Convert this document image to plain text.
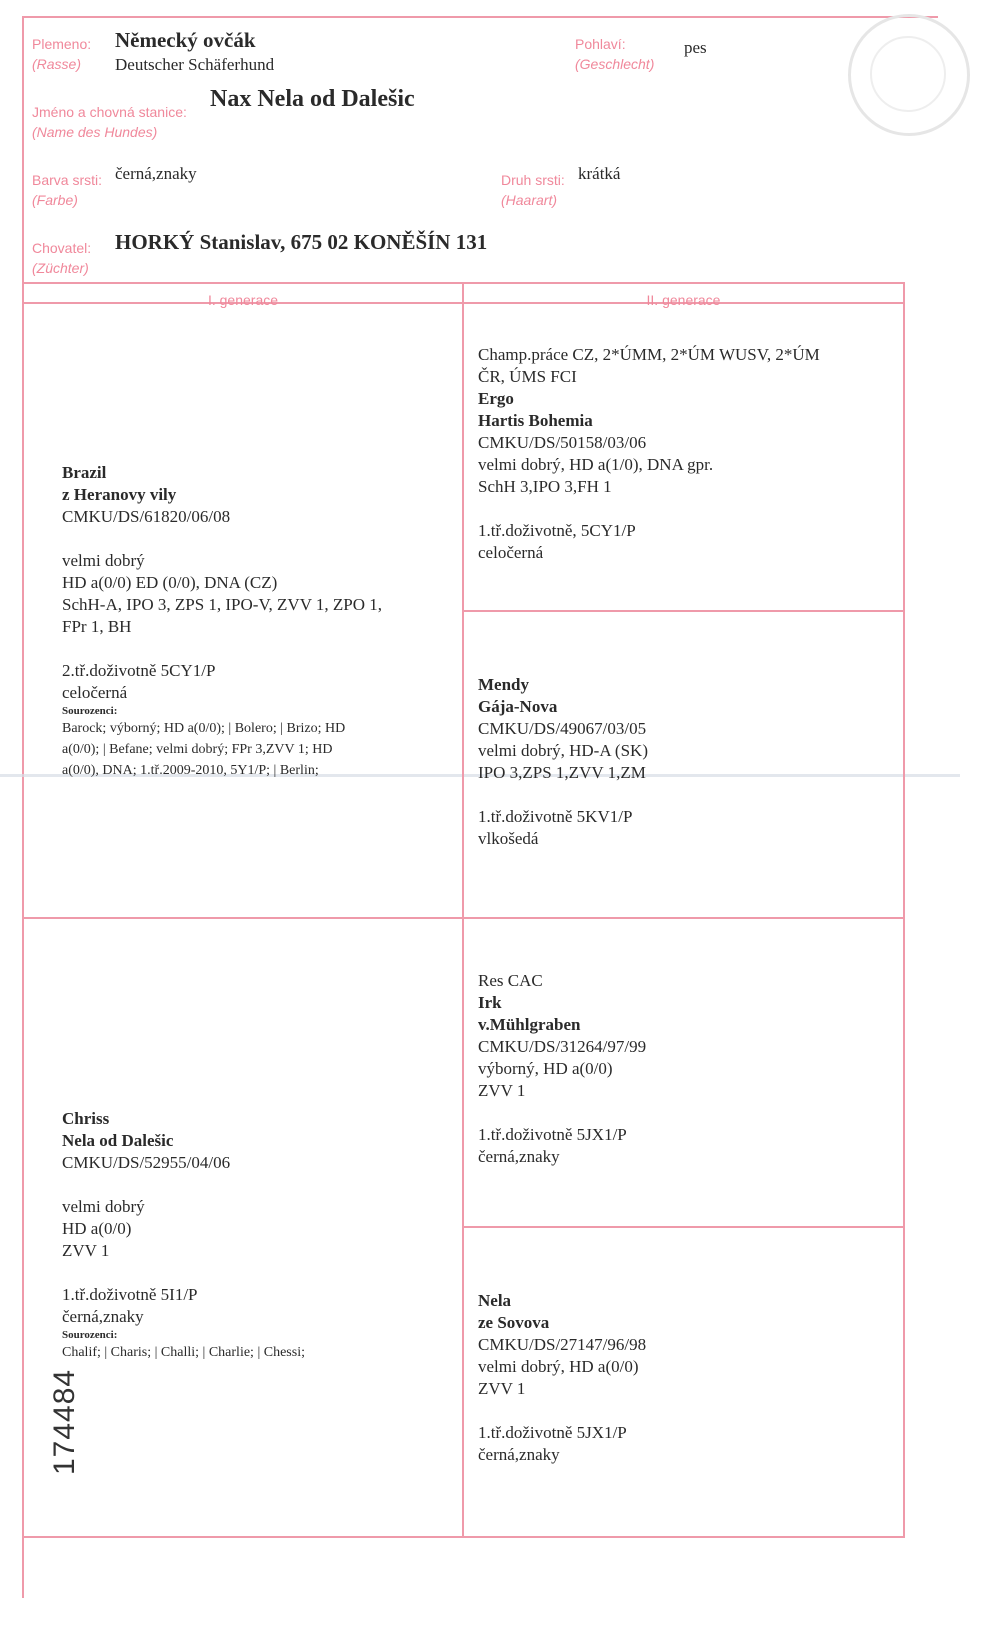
Plemeno:
(Rasse)
Německý ovčák
Deutscher Schäferhund
Pohlaví:
(Geschlecht)
pes
Jméno a chovná stanice:
(Name des Hundes)
Nax Nela od Dalešic
Barva srsti:
(Farbe)
černá,znaky	Druh srsti:
(Haarart)
krátká
Chovatel:
(Züchter)
HORKÝ Stanislav, 675 02 KONĚŠÍN 131
I. generace	II. generace

Brazil

z Heranovy vily

CMKU/DS/61820/06/08

velmi dobrý

HD a(0/0) ED (0/0), DNA (CZ)

SchH-A, IPO 3, ZPS 1, IPO-V, ZVV 1, ZPO 1,

FPr 1, BH

2.tř.doživotně 5CY1/P

celočerná

Sourozenci:

Barock; výborný; HD a(0/0); | Bolero; | Brizo; HD

a(0/0); | Befane; velmi dobrý; FPr 3,ZVV 1; HD

a(0/0), DNA; 1.tř.2009-2010, 5Y1/P; | Berlin;

Chriss

Nela od Dalešic

CMKU/DS/52955/04/06

velmi dobrý

HD a(0/0)

ZVV 1

1.tř.doživotně 5I1/P

černá,znaky

Sourozenci:

Chalif; | Charis; | Challi; | Charlie; | Chessi;

Champ.práce CZ, 2*ÚMM, 2*ÚM WUSV, 2*ÚM

ČR, ÚMS FCI

Ergo

Hartis Bohemia

CMKU/DS/50158/03/06

velmi dobrý, HD a(1/0), DNA gpr.

SchH 3,IPO 3,FH 1

1.tř.doživotně, 5CY1/P

celočerná

Mendy

Gája-Nova

CMKU/DS/49067/03/05

velmi dobrý, HD-A (SK)

IPO 3,ZPS 1,ZVV 1,ZM

1.tř.doživotně 5KV1/P

vlkošedá

Res CAC

Irk

v.Mühlgraben

CMKU/DS/31264/97/99

výborný, HD a(0/0)

ZVV 1

1.tř.doživotně 5JX1/P

černá,znaky

Nela

ze Sovova

CMKU/DS/27147/96/98

velmi dobrý, HD a(0/0)

ZVV 1

1.tř.doživotně 5JX1/P

černá,znaky

174484
